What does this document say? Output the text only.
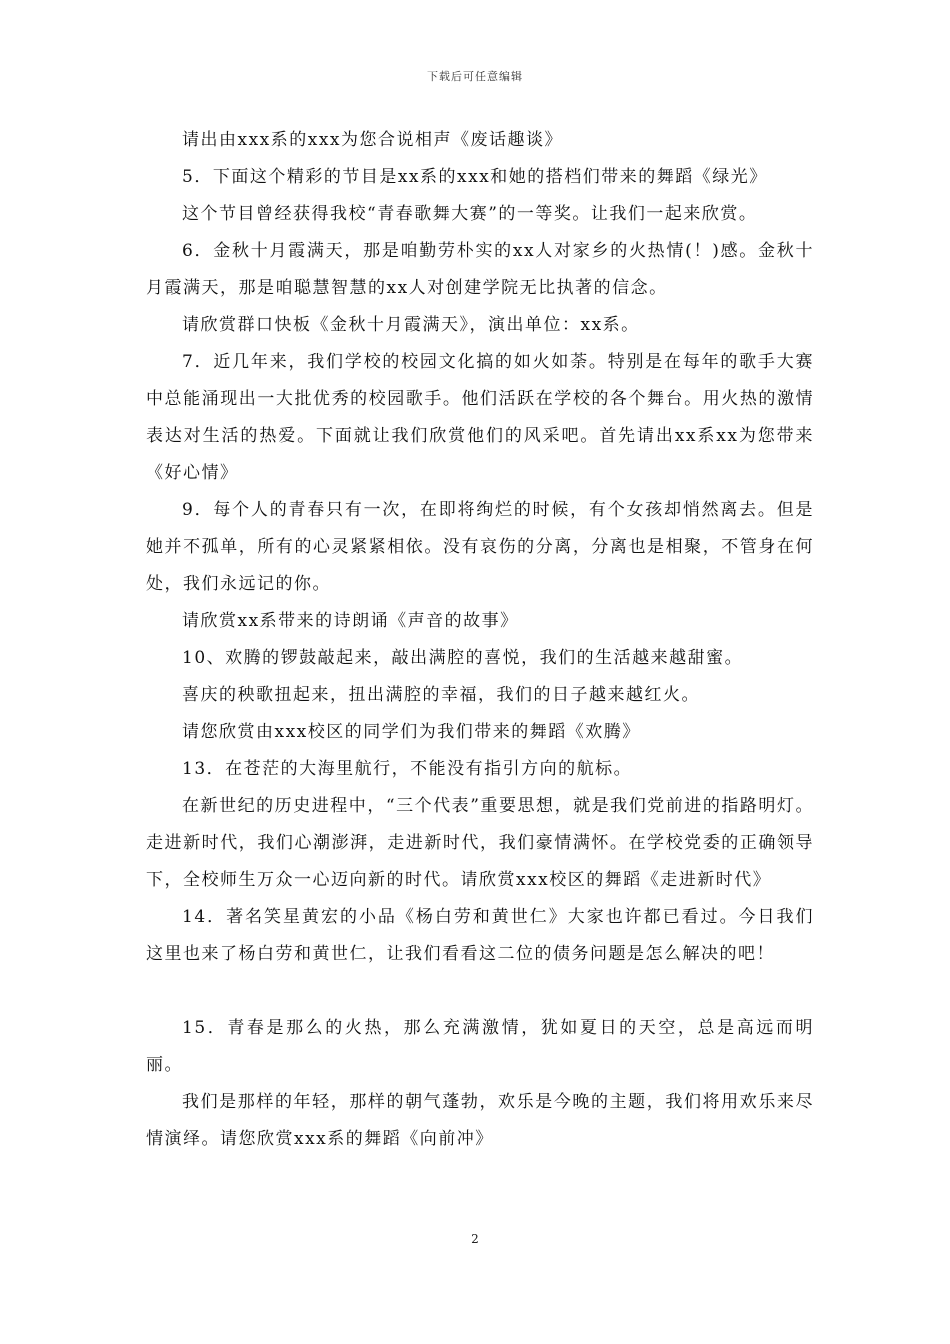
下载后可任意编辑

请出由xxx系的xxx为您合说相声《废话趣谈》

5．下面这个精彩的节目是xx系的xxx和她的搭档们带来的舞蹈《绿光》

这个节目曾经获得我校“青春歌舞大赛”的一等奖。让我们一起来欣赏。

6．金秋十月霞满天，那是咱勤劳朴实的xx人对家乡的火热情(！)感。金秋十月霞满天，那是咱聪慧智慧的xx人对创建学院无比执著的信念。

请欣赏群口快板《金秋十月霞满天》，演出单位：xx系。

7．近几年来，我们学校的校园文化搞的如火如荼。特别是在每年的歌手大赛中总能涌现出一大批优秀的校园歌手。他们活跃在学校的各个舞台。用火热的激情表达对生活的热爱。下面就让我们欣赏他们的风采吧。首先请出xx系xx为您带来《好心情》

9．每个人的青春只有一次，在即将绚烂的时候，有个女孩却悄然离去。但是她并不孤单，所有的心灵紧紧相依。没有哀伤的分离，分离也是相聚，不管身在何处，我们永远记的你。

请欣赏xx系带来的诗朗诵《声音的故事》

10、欢腾的锣鼓敲起来，敲出满腔的喜悦，我们的生活越来越甜蜜。

喜庆的秧歌扭起来，扭出满腔的幸福，我们的日子越来越红火。

请您欣赏由xxx校区的同学们为我们带来的舞蹈《欢腾》

13．在苍茫的大海里航行，不能没有指引方向的航标。

在新世纪的历史进程中，“三个代表”重要思想，就是我们党前进的指路明灯。走进新时代，我们心潮澎湃，走进新时代，我们豪情满怀。在学校党委的正确领导下，全校师生万众一心迈向新的时代。请欣赏xxx校区的舞蹈《走进新时代》

14．著名笑星黄宏的小品《杨白劳和黄世仁》大家也许都已看过。今日我们这里也来了杨白劳和黄世仁，让我们看看这二位的债务问题是怎么解决的吧！

15．青春是那么的火热，那么充满激情，犹如夏日的天空，总是高远而明丽。

我们是那样的年轻，那样的朝气蓬勃，欢乐是今晚的主题，我们将用欢乐来尽情演绎。请您欣赏xxx系的舞蹈《向前冲》

2
